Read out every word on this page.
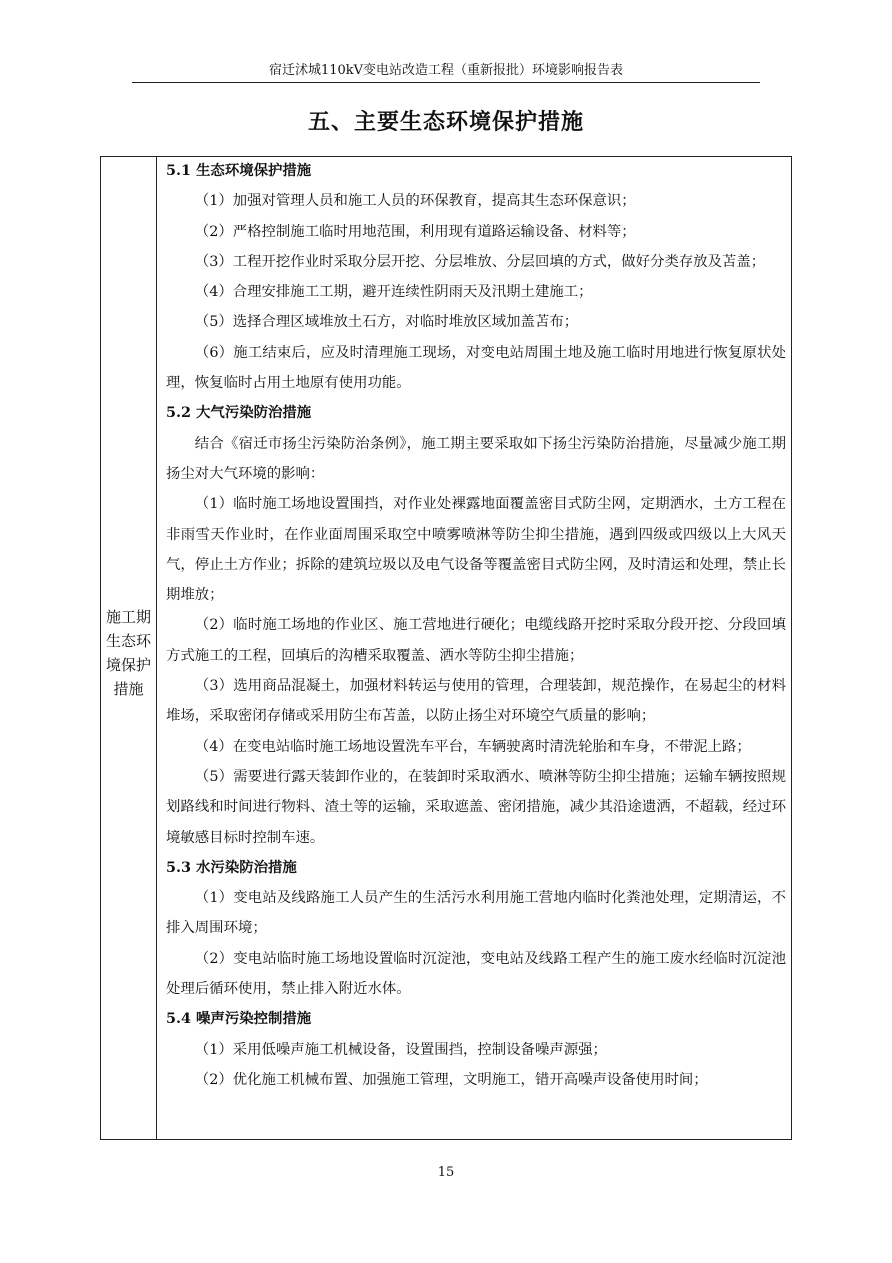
宿迁沭城110kV变电站改造工程（重新报批）环境影响报告表
五、主要生态环境保护措施
施工期
生态环
境保护
措施
5.1 生态环境保护措施

（1）加强对管理人员和施工人员的环保教育，提高其生态环保意识；

（2）严格控制施工临时用地范围，利用现有道路运输设备、材料等；

（3）工程开挖作业时采取分层开挖、分层堆放、分层回填的方式，做好分类存放及苫盖；

（4）合理安排施工工期，避开连续性阴雨天及汛期土建施工；

（5）选择合理区域堆放土石方，对临时堆放区域加盖苫布；

（6）施工结束后，应及时清理施工现场，对变电站周围土地及施工临时用地进行恢复原状处理，恢复临时占用土地原有使用功能。

5.2 大气污染防治措施

结合《宿迁市扬尘污染防治条例》，施工期主要采取如下扬尘污染防治措施，尽量减少施工期扬尘对大气环境的影响：

（1）临时施工场地设置围挡，对作业处裸露地面覆盖密目式防尘网，定期洒水，土方工程在非雨雪天作业时，在作业面周围采取空中喷雾喷淋等防尘抑尘措施，遇到四级或四级以上大风天气，停止土方作业；拆除的建筑垃圾以及电气设备等覆盖密目式防尘网，及时清运和处理，禁止长期堆放；

（2）临时施工场地的作业区、施工营地进行硬化；电缆线路开挖时采取分段开挖、分段回填方式施工的工程，回填后的沟槽采取覆盖、洒水等防尘抑尘措施；

（3）选用商品混凝土，加强材料转运与使用的管理，合理装卸，规范操作，在易起尘的材料堆场，采取密闭存储或采用防尘布苫盖，以防止扬尘对环境空气质量的影响；

（4）在变电站临时施工场地设置洗车平台，车辆驶离时清洗轮胎和车身，不带泥上路；

（5）需要进行露天装卸作业的，在装卸时采取洒水、喷淋等防尘抑尘措施；运输车辆按照规划路线和时间进行物料、渣土等的运输，采取遮盖、密闭措施，减少其沿途遗洒，不超载，经过环境敏感目标时控制车速。

5.3 水污染防治措施

（1）变电站及线路施工人员产生的生活污水利用施工营地内临时化粪池处理，定期清运，不排入周围环境；

（2）变电站临时施工场地设置临时沉淀池，变电站及线路工程产生的施工废水经临时沉淀池处理后循环使用，禁止排入附近水体。

5.4 噪声污染控制措施

（1）采用低噪声施工机械设备，设置围挡，控制设备噪声源强；

（2）优化施工机械布置、加强施工管理，文明施工，错开高噪声设备使用时间；

15
